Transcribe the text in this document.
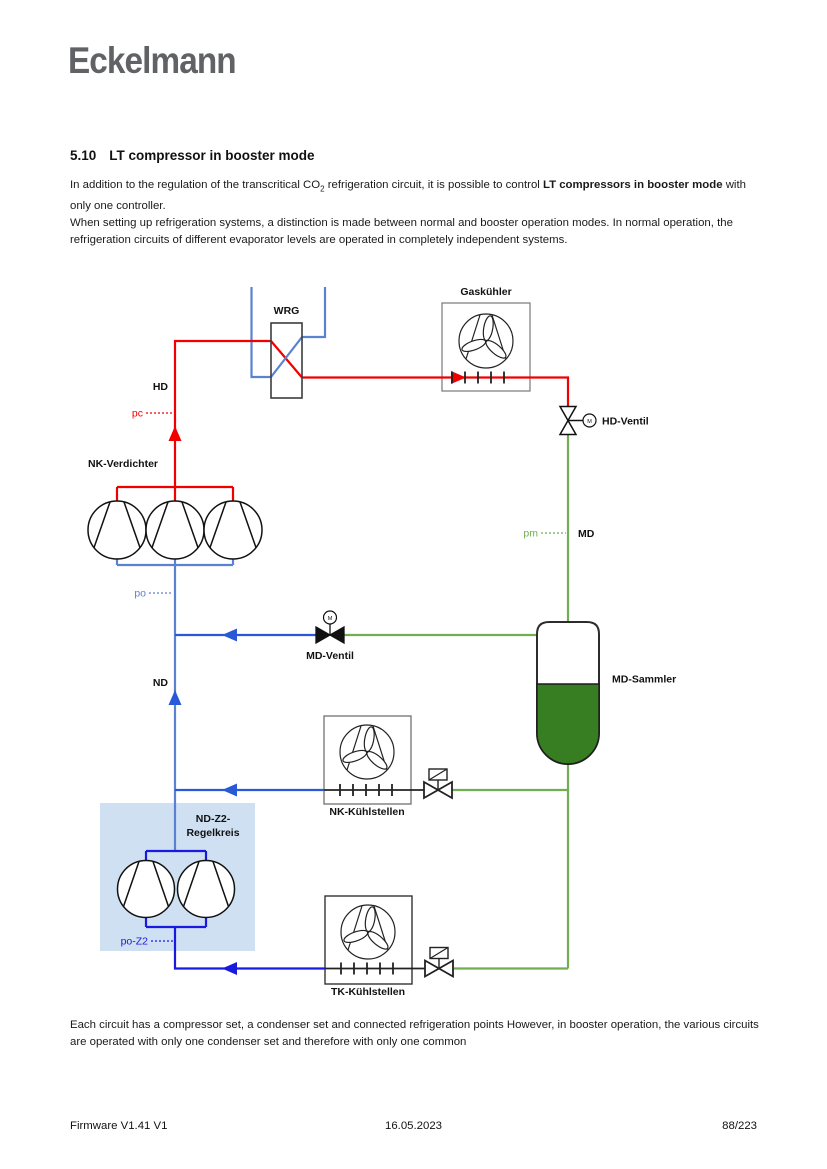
Eckelmann
5.10 LT compressor in booster mode
In addition to the regulation of the transcritical $CO_2$ refrigeration circuit, it is possible to control LT compressors in booster mode with only one controller.
When setting up refrigeration systems, a distinction is made between normal and booster operation modes. In normal operation, the refrigeration circuits of different evaporator levels are operated in completely independent systems.
M
M
WRG
Gaskühler
HD-Ventil
NK-Verdichter
HD
pc
pm	MD
po
MD-Ventil
ND	MD-Sammler
NK-Kühlstellen
ND-Z2-
Regelkreis
po-Z2
TK-Kühlstellen
Each circuit has a compressor set, a condenser set and connected refrigeration points However, in booster operation, the various circuits are operated with only one condenser set and therefore with only one common
Firmware V1.41 V1	16.05.2023	88/223
